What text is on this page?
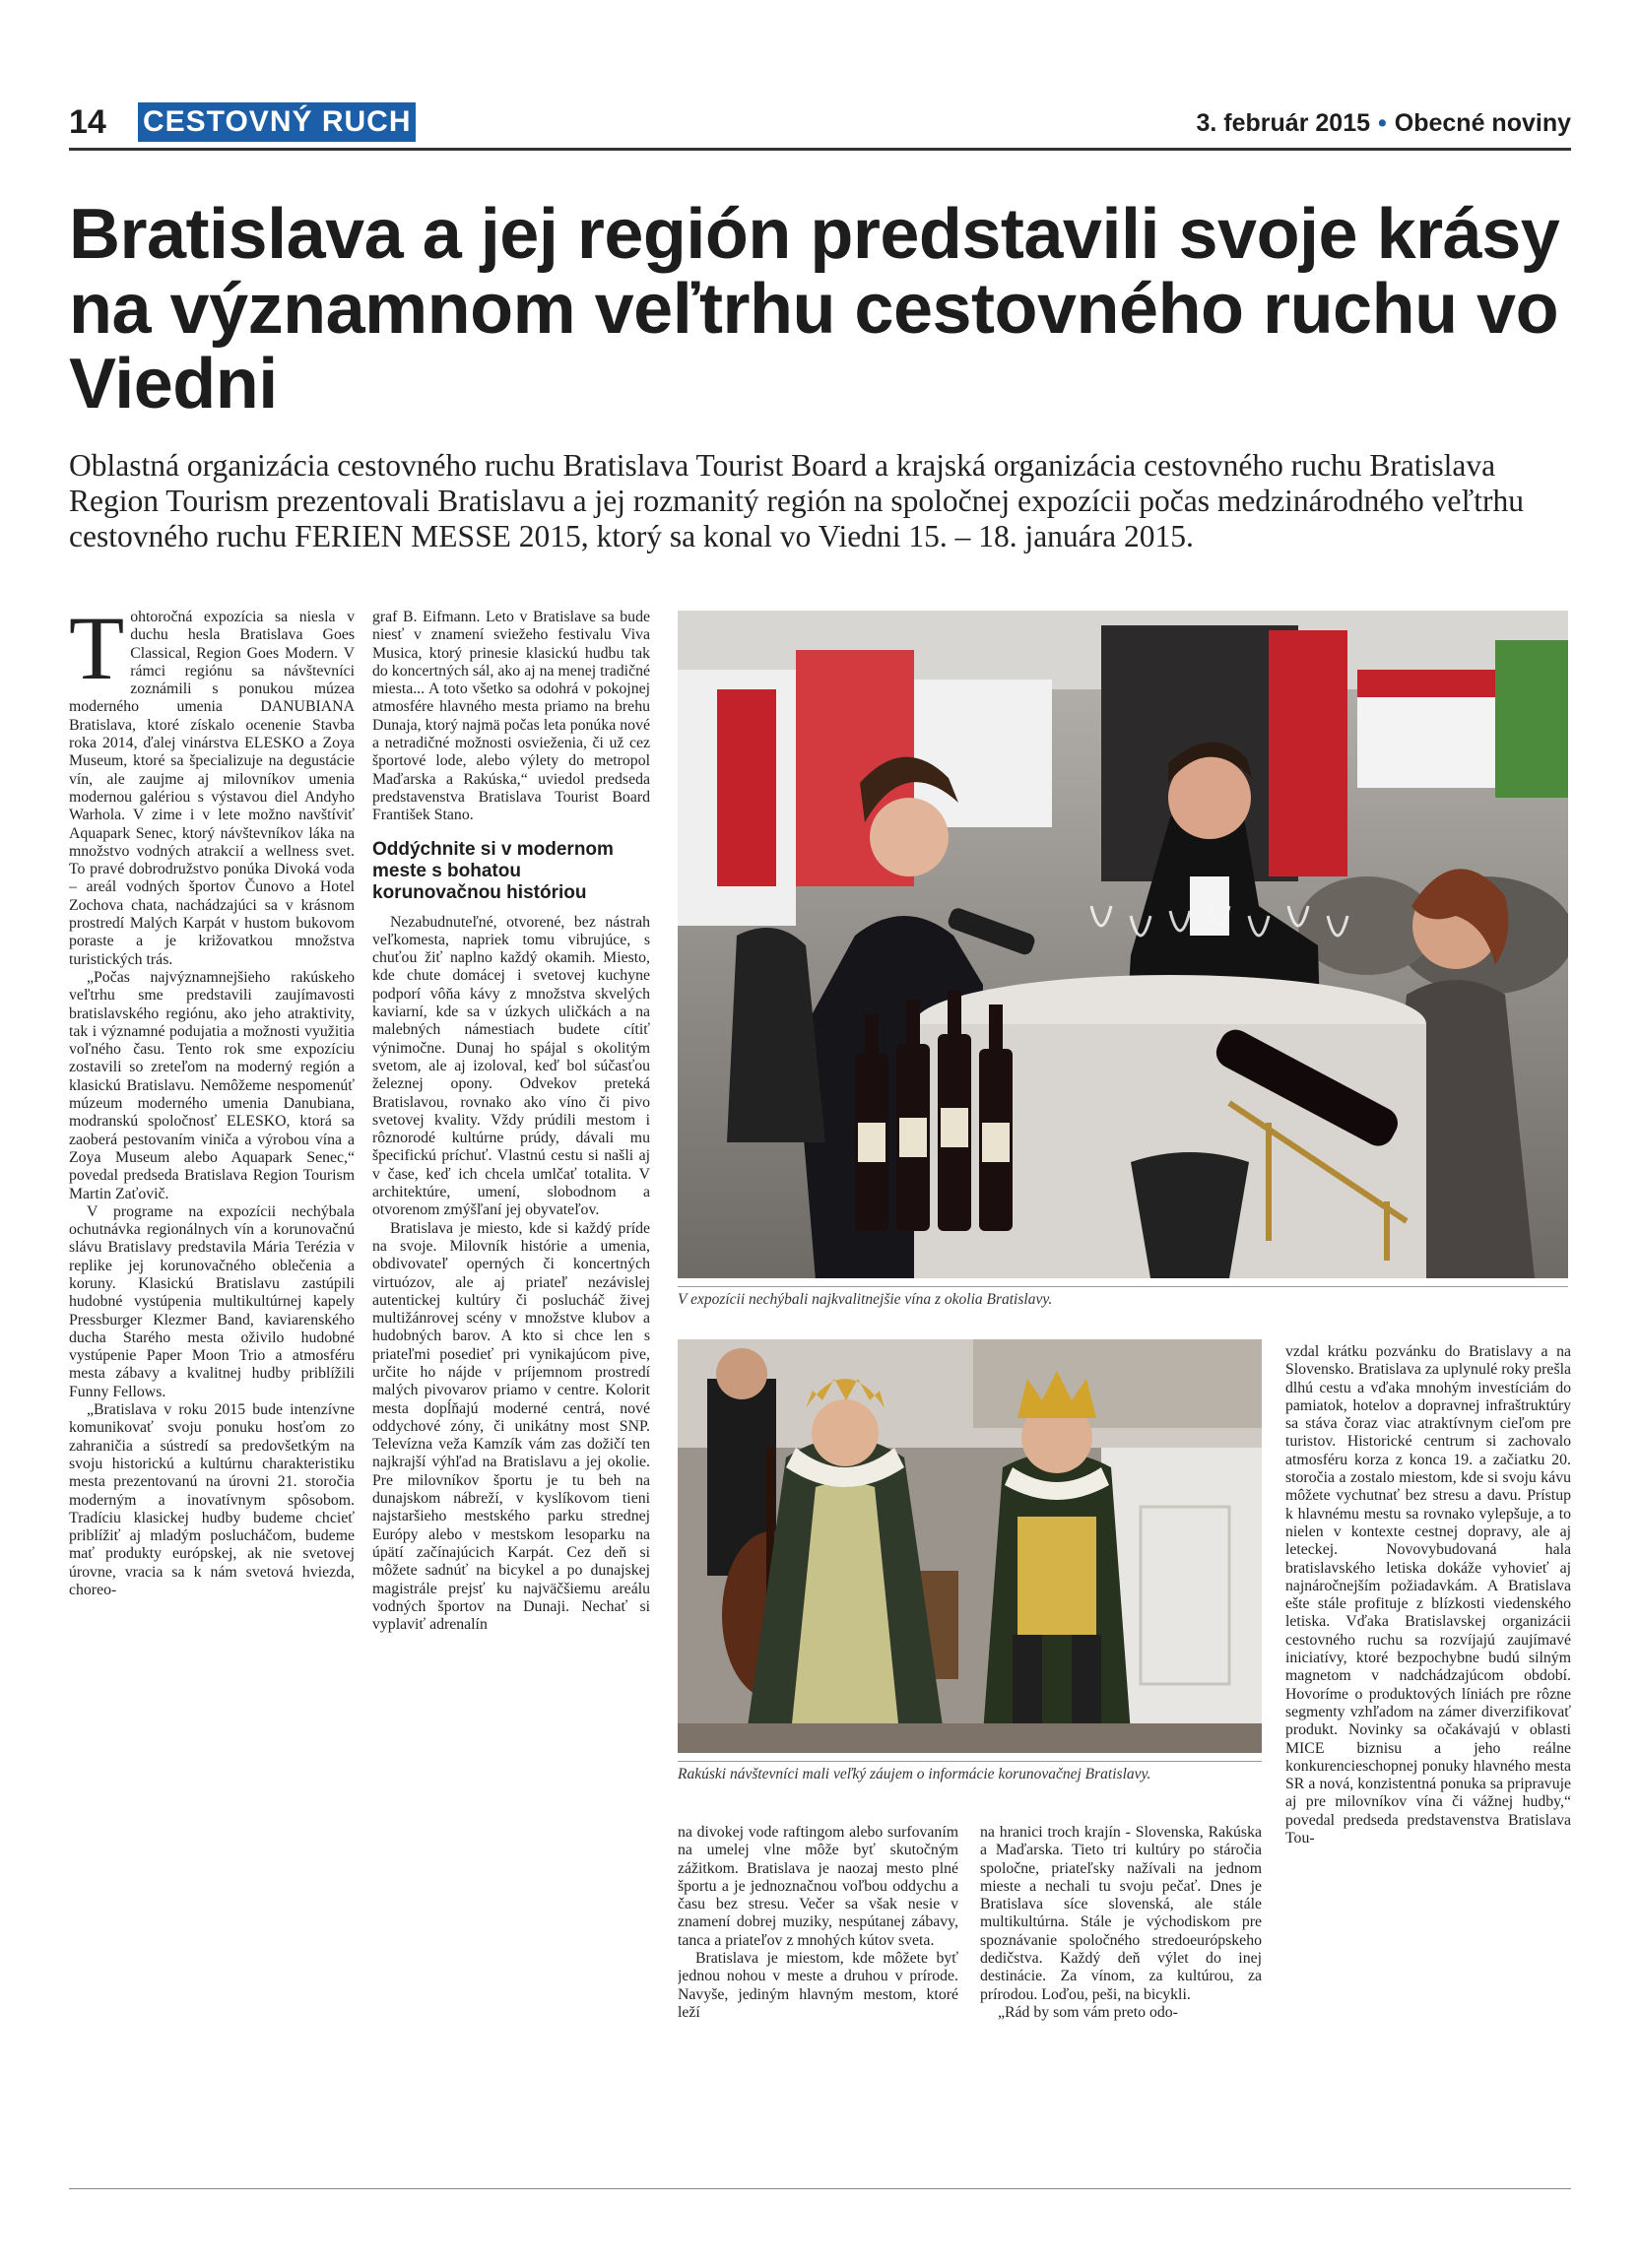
14 CESTOVNÝ RUCH	3. február 2015 • Obecné noviny
Bratislava a jej región predstavili svoje krásy na významnom veľtrhu cestovného ruchu vo Viedni

Oblastná organizácia cestovného ruchu Bratislava Tourist Board a krajská organizácia cestovného ruchu Bratislava Region Tourism prezentovali Bratislavu a jej rozmanitý región na spoločnej expozícii počas medzinárodného veľtrhu cestovného ruchu FERIEN MESSE 2015, ktorý sa konal vo Viedni 15. – 18. januára 2015.

Tohtoročná expozícia sa niesla v duchu hesla Bratislava Goes Classical, Region Goes Modern. V rámci regiónu sa návštevníci zoznámili s ponukou múzea moderného umenia DANUBIANA Bratislava, ktoré získalo ocenenie Stavba roka 2014, ďalej vinárstva ELESKO a Zoya Museum, ktoré sa špecializuje na degustácie vín, ale zaujme aj milovníkov umenia modernou galériou s výstavou diel Andyho Warhola. V zime i v lete možno navštíviť Aquapark Senec, ktorý návštevníkov láka na množstvo vodných atrakcií a wellness svet. To pravé dobrodružstvo ponúka Divoká voda – areál vodných športov Čunovo a Hotel Zochova chata, nachádzajúci sa v krásnom prostredí Malých Karpát v hustom bukovom poraste a je križovatkou množstva turistických trás.

„Počas najvýznamnejšieho rakúskeho veľtrhu sme predstavili zaujímavosti bratislavského regiónu, ako jeho atraktivity, tak i významné podujatia a možnosti využitia voľného času. Tento rok sme expozíciu zostavili so zreteľom na moderný región a klasickú Bratislavu. Nemôžeme nespomenúť múzeum moderného umenia Danubiana, modranskú spoločnosť ELESKO, ktorá sa zaoberá pestovaním viniča a výrobou vína a Zoya Museum alebo Aquapark Senec,“ povedal predseda Bratislava Region Tourism Martin Zaťovič.

V programe na expozícii nechýbala ochutnávka regionálnych vín a korunovačnú slávu Bratislavy predstavila Mária Terézia v replike jej korunovačného oblečenia a koruny. Klasickú Bratislavu zastúpili hudobné vystúpenia multikultúrnej kapely Pressburger Klezmer Band, kaviarenského ducha Starého mesta oživilo hudobné vystúpenie Paper Moon Trio a atmosféru mesta zábavy a kvalitnej hudby priblížili Funny Fellows.

„Bratislava v roku 2015 bude intenzívne komunikovať svoju ponuku hosťom zo zahraničia a sústredí sa predovšetkým na svoju historickú a kultúrnu charakteristiku mesta prezentovanú na úrovni 21. storočia moderným a inovatívnym spôsobom. Tradíciu klasickej hudby budeme chcieť priblížiť aj mladým poslucháčom, budeme mať produkty európskej, ak nie svetovej úrovne, vracia sa k nám svetová hviezda, choreo-

graf B. Eifmann. Leto v Bratislave sa bude niesť v znamení sviežeho festivalu Viva Musica, ktorý prinesie klasickú hudbu tak do koncertných sál, ako aj na menej tradičné miesta... A toto všetko sa odohrá v pokojnej atmosfére hlavného mesta priamo na brehu Dunaja, ktorý najmä počas leta ponúka nové a netradičné možnosti osvieženia, či už cez športové lode, alebo výlety do metropol Maďarska a Rakúska,“ uviedol predseda predstavenstva Bratislava Tourist Board František Stano.

Oddýchnite si v modernom meste s bohatou korunovačnou históriou

Nezabudnuteľné, otvorené, bez nástrah veľkomesta, napriek tomu vibrujúce, s chuťou žiť naplno každý okamih. Miesto, kde chute domácej i svetovej kuchyne podporí vôňa kávy z množstva skvelých kaviarní, kde sa v úzkych uličkách a na malebných námestiach budete cítiť výnimočne. Dunaj ho spájal s okolitým svetom, ale aj izoloval, keď bol súčasťou železnej opony. Odvekov preteká Bratislavou, rovnako ako víno či pivo svetovej kvality. Vždy prúdili mestom i rôznorodé kultúrne prúdy, dávali mu špecifickú príchuť. Vlastnú cestu si našli aj v čase, keď ich chcela umlčať totalita. V architektúre, umení, slobodnom a otvorenom zmýšľaní jej obyvateľov.

Bratislava je miesto, kde si každý príde na svoje. Milovník histórie a umenia, obdivovateľ operných či koncertných virtuózov, ale aj priateľ nezávislej autentickej kultúry či poslucháč živej multižánrovej scény v množstve klubov a hudobných barov. A kto si chce len s priateľmi posedieť pri vynikajúcom pive, určite ho nájde v príjemnom prostredí malých pivovarov priamo v centre. Kolorit mesta dopĺňajú moderné centrá, nové oddychové zóny, či unikátny most SNP. Televízna veža Kamzík vám zas dožičí ten najkrajší výhľad na Bratislavu a jej okolie. Pre milovníkov športu je tu beh na dunajskom nábreží, v kyslíkovom tieni najstaršieho mestského parku strednej Európy alebo v mestskom lesoparku na úpätí začínajúcich Karpát. Cez deň si môžete sadnúť na bicykel a po dunajskej magistrále prejsť ku najväčšiemu areálu vodných športov na Dunaji. Nechať si vyplaviť adrenalín

V expozícii nechýbali najkvalitnejšie vína z okolia Bratislavy.
Rakúski návštevníci mali veľký záujem o informácie korunovačnej Bratislavy.

na divokej vode raftingom alebo surfovaním na umelej vlne môže byť skutočným zážitkom. Bratislava je naozaj mesto plné športu a je jednoznačnou voľbou oddychu a času bez stresu. Večer sa však nesie v znamení dobrej muziky, nespútanej zábavy, tanca a priateľov z mnohých kútov sveta.

Bratislava je miestom, kde môžete byť jednou nohou v meste a druhou v prírode. Navyše, jediným hlavným mestom, ktoré leží

na hranici troch krajín - Slovenska, Rakúska a Maďarska. Tieto tri kultúry po stáročia spoločne, priateľsky nažívali na jednom mieste a nechali tu svoju pečať. Dnes je Bratislava síce slovenská, ale stále multikultúrna. Stále je východiskom pre spoznávanie spoločného stredoeurópskeho dedičstva. Každý deň výlet do inej destinácie. Za vínom, za kultúrou, za prírodou. Loďou, peši, na bicykli.

„Rád by som vám preto odo-

vzdal krátku pozvánku do Bratislavy a na Slovensko. Bratislava za uplynulé roky prešla dlhú cestu a vďaka mnohým investíciám do pamiatok, hotelov a dopravnej infraštruktúry sa stáva čoraz viac atraktívnym cieľom pre turistov. Historické centrum si zachovalo atmosféru korza z konca 19. a začiatku 20. storočia a zostalo miestom, kde si svoju kávu môžete vychutnať bez stresu a davu. Prístup k hlavnému mestu sa rovnako vylepšuje, a to nielen v kontexte cestnej dopravy, ale aj leteckej. Novovybudovaná hala bratislavského letiska dokáže vyhovieť aj najnáročnejším požiadavkám. A Bratislava ešte stále profituje z blízkosti viedenského letiska. Vďaka Bratislavskej organizácii cestovného ruchu sa rozvíjajú zaujímavé iniciatívy, ktoré bezpochybne budú silným magnetom v nadchádzajúcom období. Hovoríme o produktových líniách pre rôzne segmenty vzhľadom na zámer diverzifikovať produkt. Novinky sa očakávajú v oblasti MICE biznisu a jeho reálne konkurencieschopnej ponuky hlavného mesta SR a nová, konzistentná ponuka sa pripravuje aj pre milovníkov vína či vážnej hudby,“ povedal predseda predstavenstva Bratislava Tou-
